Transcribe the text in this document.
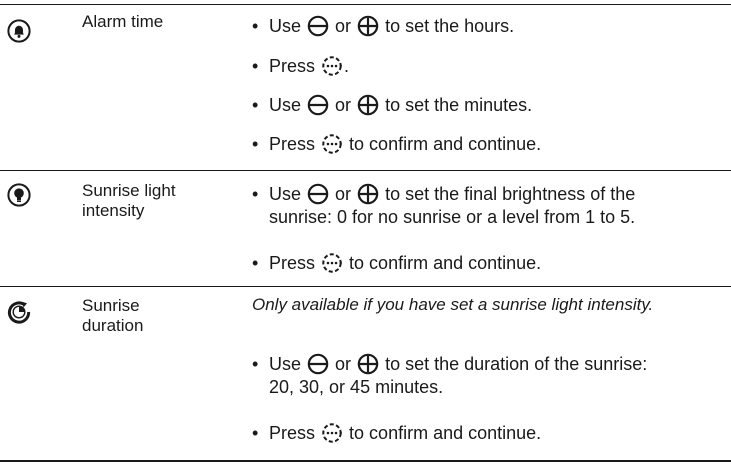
Alarm time	• Use or to set the hours.
• Press .
• Use or to set the minutes.
• Press to confirm and continue.
Sunrise light
intensity
• Use or to set the final brightness of the
sunrise: 0 for no sunrise or a level from 1 to 5.
• Press to confirm and continue.
Sunrise
duration
Only available if you have set a sunrise light intensity.
• Use or to set the duration of the sunrise:
20, 30, or 45 minutes.
• Press to confirm and continue.
